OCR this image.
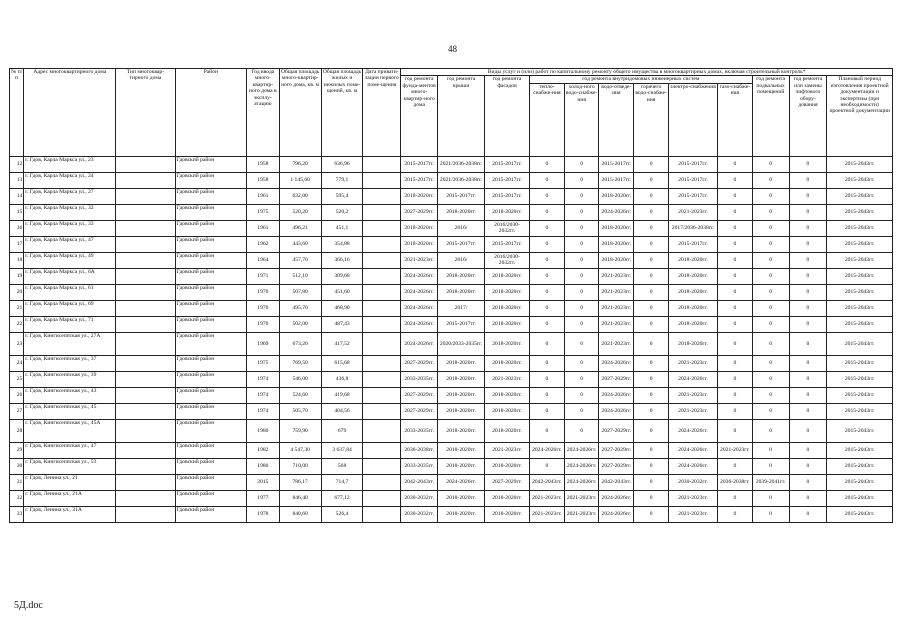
48
№ п/п	Адрес многоквартирного дома	Тип многоквар-тирного дома	Район	Год ввода много-квартир-ного дома в эксплу-атацию	Общая площадь много-квартир-ного дома, кв. м	Общая площадь жилых и нежилых поме-щений, кв. м	Дата привати-зации первого поме-щения	Виды услуг и (или) работ по капитальному ремонту общего имущества в многоквартирных домах, включая строительный контроль*											
								год ремонта фунда-ментов много-квартир-ного дома	год ремонта крыши	год ремонта фасадов	год ремонта внутридомовых инженерных систем						год ремонта подвальных помещений	год ремонта или замены лифтового обору-дования	Плановый период изготовления проектной документации и экспертизы (при необходимости) проектной документации
											тепло-снабже-ния	холод-ного водо-снабже-ния	водо-отведе-ния	горячего водо-снабже-ния	электро-снабжения	газо-снабже-ния			
12	г. Гдов, Карла Маркса ул., 23		Гдовский район	1958	796,20	636,96		2015-2017гг.	2021/2036-2038гг.	2015-2017гг.	0	0	2015-2017гг.	0	2015-2017гг.	0	0	0	2015-2043гг.
13	г. Гдов, Карла Маркса ул., 24		Гдовский район	1958	1 145,60	779,1		2015-2017гг.	2021/2036-2038гг.	2015-2017гг.	0	0	2015-2017гг.	0	2015-2017гг.	0	0	0	2015-2043гг.
14	г. Гдов, Карла Маркса ул., 27		Гдовский район	1961	632,00	595,4		2018-2020гг.	2015-2017гг.	2015-2017гг.	0	0	2018-2020гг.	0	2015-2017гг.	0	0	0	2015-2043гг.
15	г. Гдов, Карла Маркса ул., 32		Гдовский район	1975	520,20	520,2		2027-2029гг.	2018-2020гг.	2018-2020гг.	0	0	2024-2026гг.	0	2021-2023гг.	0	0	0	2015-2043гг.
16	г. Гдов, Карла Маркса ул., 33		Гдовский район	1961	496,21	451,1		2018-2020гг.	2016/	2016/2030-2032гг.	0	0	2018-2020гг.	0	2017/2036-2038гг.	0	0	0	2015-2043гг.
17	г. Гдов, Карла Маркса ул., 47		Гдовский район	1962	443,60	354,88		2018-2020гг.	2015-2017гг.	2015-2017гг.	0	0	2018-2020гг.	0	2015-2017гг.	0	0	0	2015-2043гг.
18	г. Гдов, Карла Маркса ул., 49		Гдовский район	1964	457,70	366,16		2021-2023гг.	2016/	2016/2030-2032гг.	0	0	2018-2020гг.	0	2018-2020гг.	0	0	0	2015-2043гг.
19	г. Гдов, Карла Маркса ул., 6А		Гдовский район	1971	512,10	309,68		2024-2026гг.	2018-2020гг.	2018-2020гг.	0	0	2021-2023гг.	0	2018-2020гг.	0	0	0	2015-2043гг.
20	г. Гдов, Карла Маркса ул., 61		Гдовский район	1970	507,80	451,60		2024-2026гг.	2018-2020гг.	2018-2020гг.	0	0	2021-2023гг.	0	2018-2020гг.	0	0	0	2015-2043гг.
21	г. Гдов, Карла Маркса ул., 69		Гдовский район	1970	495,70	468,90		2024-2026гг.	2017/	2018-2020гг.	0	0	2021-2023гг.	0	2018-2020гг.	0	0	0	2015-2043гг.
22	г. Гдов, Карла Маркса ул., 71		Гдовский район	1970	502,00	487,43		2024-2026гг.	2015-2017гг.	2018-2020гг.	0	0	2021-2023гг.	0	2018-2020гг.	0	0	0	2015-2043гг.
23	г. Гдов, Кингисеппская ул., 27А		Гдовский район	1969	673,20	417,52		2024-2026гг.	2020/2033-2035гг.	2018-2020гг.	0	0	2021-2023гг.	0	2018-2020гг.	0	0	0	2015-2043гг.
24	г. Гдов, Кингисеппская ул., 37		Гдовский район	1975	769,50	615,68		2027-2029гг.	2018-2020гг.	2018-2020гг.	0	0	2024-2026гг.	0	2021-2023гг.	0	0	0	2015-2043гг.
25	г. Гдов, Кингисеппская ул., 39		Гдовский район	1974	546,00	436,8		2033-2035гг.	2018-2020гг.	2021-2023гг.	0	0	2027-2029гг.	0	2024-2026гг.	0	0	0	2015-2043гг.
26	г. Гдов, Кингисеппская ул., 43		Гдовский район	1974	524,60	419,68		2027-2029гг.	2018-2020гг.	2018-2020гг.	0	0	2024-2026гг.	0	2021-2023гг.	0	0	0	2015-2043гг.
27	г. Гдов, Кингисеппская ул., 45		Гдовский район	1974	505,70	404,56		2027-2029гг.	2018-2020гг.	2018-2020гг.	0	0	2024-2026гг.	0	2021-2023гг.	0	0	0	2015-2043гг.
28	г. Гдов, Кингисеппская ул., 45А		Гдовский район	1980	759,90	679		2033-2035гг.	2018-2020гг.	2018-2020гг.	0	0	2027-2029гг.	0	2024-2026гг.	0	0	0	2015-2043гг.
29	г. Гдов, Кингисеппская ул., 47		Гдовский район	1982	4 547,30	3 637,84		2036-2038гг.	2018-2020гг.	2021-2023гг.	2024-2026гг.	2024-2026гг.	2027-2029гг.	0	2024-2026гг.	2021-2023гг.	0	0	2015-2043гг.
30	г. Гдов, Кингисеппская ул., 53		Гдовский район	1980	710,00	568		2033-2035гг.	2018-2020гг.	2018-2020гг.	0	2024-2026гг.	2027-2029гг.	0	2024-2026гг.	0	0	0	2015-2043гг.
31	г. Гдов, Ленина ул., 21		Гдовский район	2015	786,17	714,7		2042-2043гг.	2024-2026гг.	2027-2029гг.	2042-2043гг.	2024-2026гг.	2042-2043гг.	0	2030-2032гг.	2036-2038гг.	2039-2041гг.	0	2015-2043гг.
32	г. Гдов, Ленина ул., 21А		Гдовский район	1977	846,40	677,12		2030-2032гг.	2018-2020гг.	2018-2020гг.	2021-2023гг.	2021-2023гг.	2024-2026гг.	0	2021-2023гг.	0	0	0	2015-2043гг.
33	г. Гдов, Ленина ул., 31А		Гдовский район	1978	840,60	526,4		2030-2032гг.	2018-2020гг.	2018-2020гг.	2021-2023гг.	2021-2023гг.	2024-2026гг.	0	2021-2023гг.	0	0	0	2015-2043гг.
5Д.doc
